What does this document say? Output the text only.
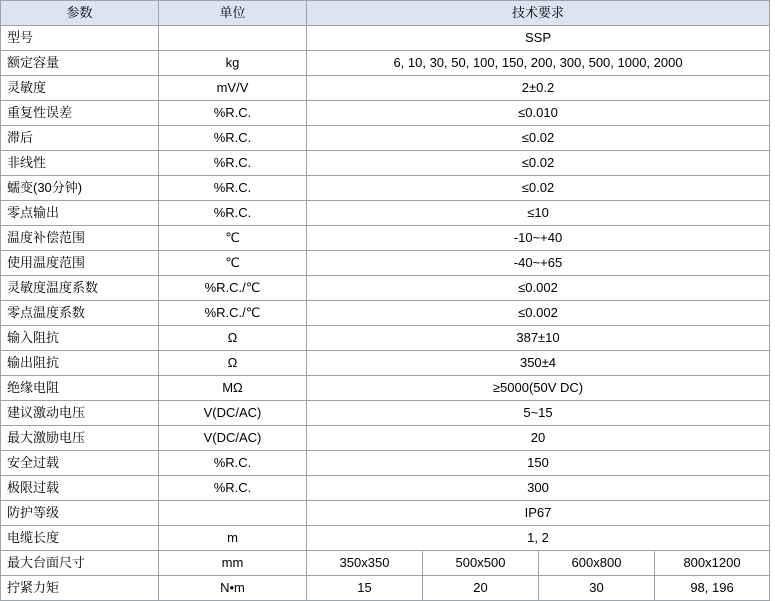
参数	单位	技术要求			
型号		SSP			
额定容量	kg	6, 10, 30, 50, 100, 150, 200, 300, 500, 1000, 2000			
灵敏度	mV/V	2±0.2			
重复性误差	%R.C.	≤0.010			
滞后	%R.C.	≤0.02			
非线性	%R.C.	≤0.02			
蠕变(30分钟)	%R.C.	≤0.02			
零点输出	%R.C.	≤10			
温度补偿范围	℃	-10~+40			
使用温度范围	℃	-40~+65			
灵敏度温度系数	%R.C./℃	≤0.002			
零点温度系数	%R.C./℃	≤0.002			
输入阻抗	Ω	387±10			
输出阻抗	Ω	350±4			
绝缘电阻	MΩ	≥5000(50V DC)			
建议激动电压	V(DC/AC)	5~15			
最大激励电压	V(DC/AC)	20			
安全过载	%R.C.	150			
极限过载	%R.C.	300			
防护等级		IP67			
电缆长度	m	1, 2			
最大台面尺寸	mm	350x350	500x500	600x800	800x1200
拧紧力矩	N•m	15	20	30	98, 196
